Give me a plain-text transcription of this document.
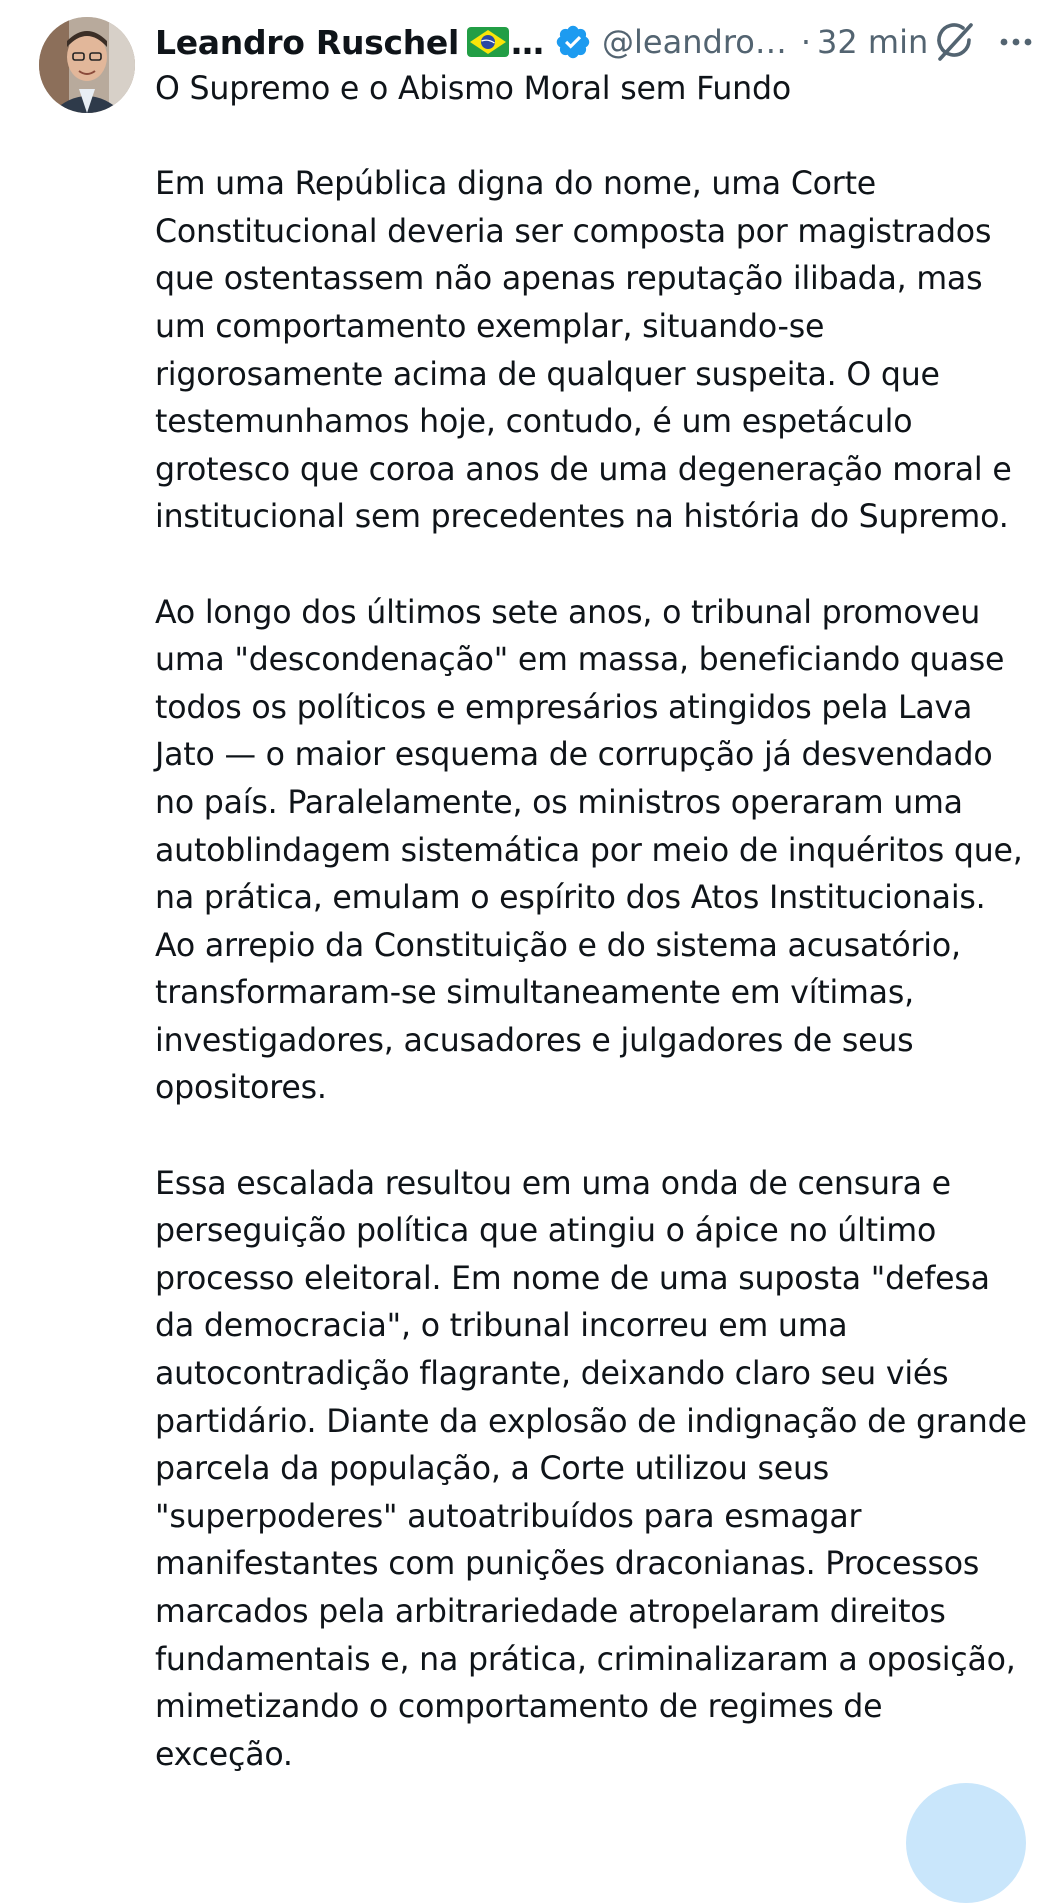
Leandro Ruschel … @leandro… · 32 min

O Supremo e o Abismo Moral sem Fundo

Em uma República digna do nome, uma Corte
Constitucional deveria ser composta por magistrados
que ostentassem não apenas reputação ilibada, mas
um comportamento exemplar, situando-se
rigorosamente acima de qualquer suspeita. O que
testemunhamos hoje, contudo, é um espetáculo
grotesco que coroa anos de uma degeneração moral e
institucional sem precedentes na história do Supremo.

Ao longo dos últimos sete anos, o tribunal promoveu
uma "descondenação" em massa, beneficiando quase
todos os políticos e empresários atingidos pela Lava
Jato — o maior esquema de corrupção já desvendado
no país. Paralelamente, os ministros operaram uma
autoblindagem sistemática por meio de inquéritos que,
na prática, emulam o espírito dos Atos Institucionais.
Ao arrepio da Constituição e do sistema acusatório,
transformaram-se simultaneamente em vítimas,
investigadores, acusadores e julgadores de seus
opositores.

Essa escalada resultou em uma onda de censura e
perseguição política que atingiu o ápice no último
processo eleitoral. Em nome de uma suposta "defesa
da democracia", o tribunal incorreu em uma
autocontradição flagrante, deixando claro seu viés
partidário. Diante da explosão de indignação de grande
parcela da população, a Corte utilizou seus
"superpoderes" autoatribuídos para esmagar
manifestantes com punições draconianas. Processos
marcados pela arbitrariedade atropelaram direitos
fundamentais e, na prática, criminalizaram a oposição,
mimetizando o comportamento de regimes de
exceção.
